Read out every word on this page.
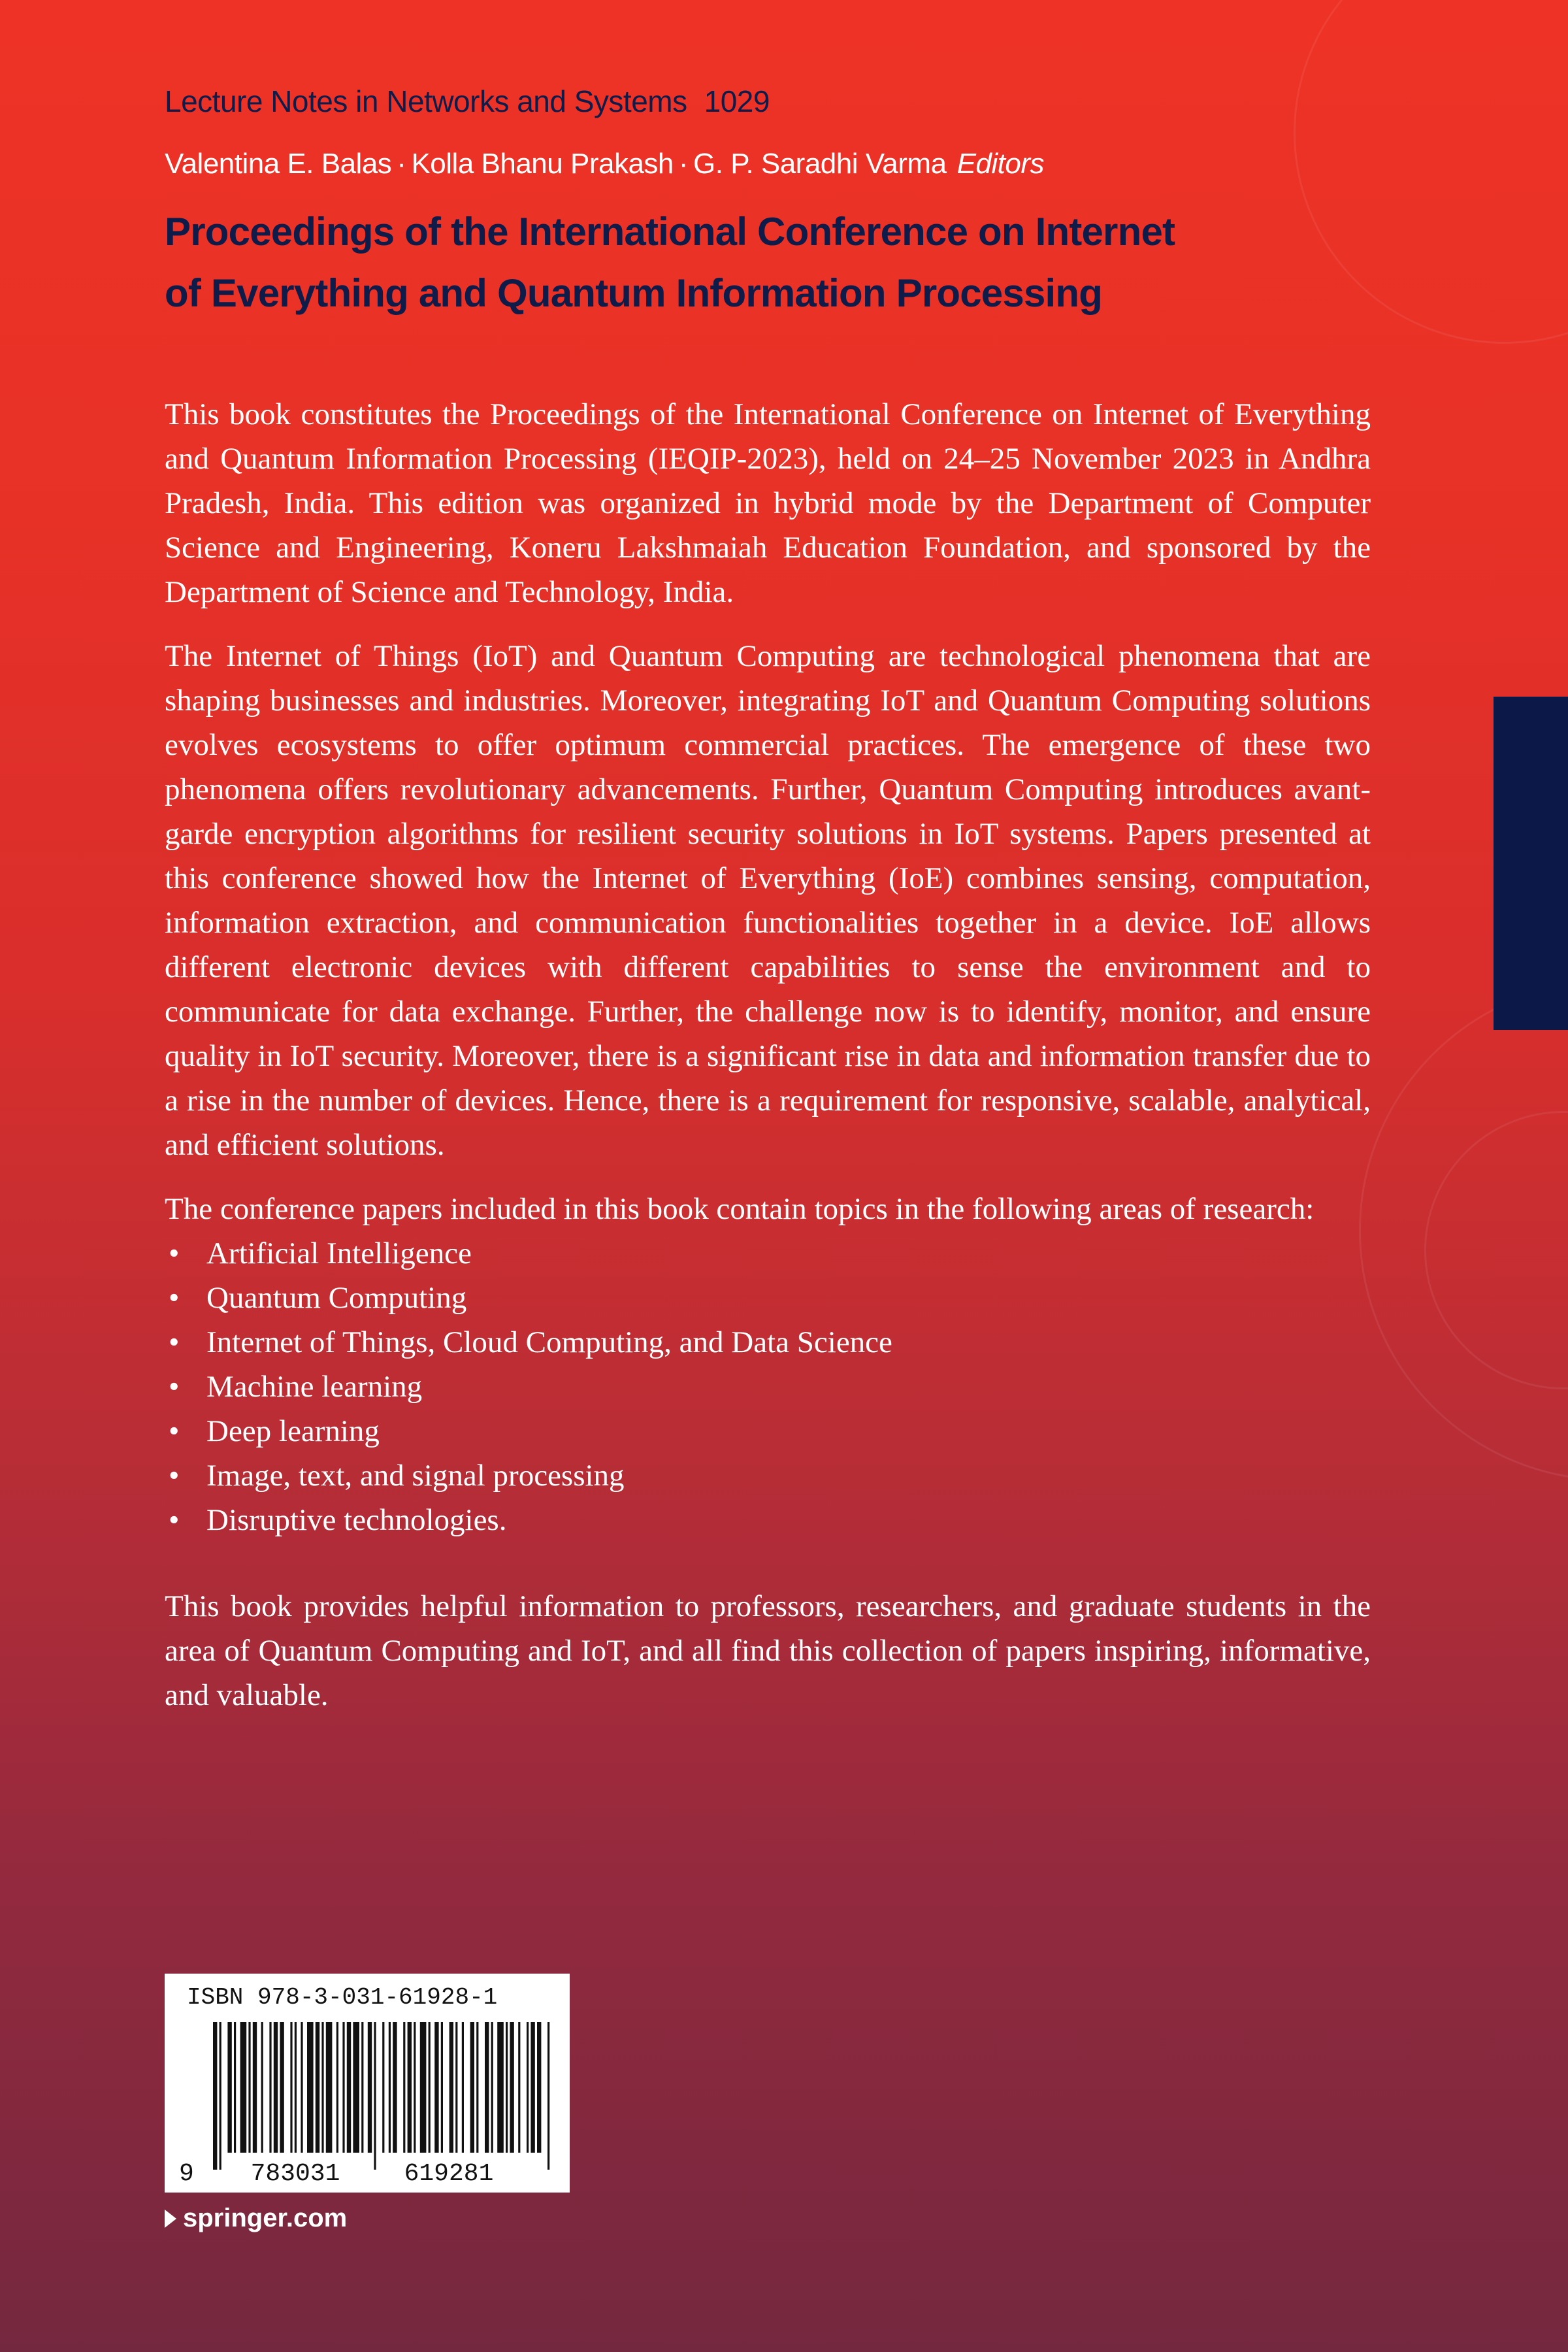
Lecture Notes in Networks and Systems 1029
Valentina E. Balas · Kolla Bhanu Prakash · G. P. Saradhi Varma Editors
Proceedings of the International Conference on Internet
of Everything and Quantum Information Processing

This book constitutes the Proceedings of the International Conference on Internet of Everything and Quantum Information Processing (IEQIP-2023), held on 24–25 November 2023 in Andhra Pradesh, India. This edition was organized in hybrid mode by the Department of Computer Science and Engineering, Koneru Lakshmaiah Education Foundation, and sponsored by the Department of Science and Technology, India.

The Internet of Things (IoT) and Quantum Computing are technological phenomena that are shaping businesses and industries. Moreover, integrating IoT and Quantum Computing solutions evolves ecosystems to offer optimum commercial practices. The emergence of these two phenomena offers revolutionary advancements. Further, Quantum Computing introduces avant-garde encryption algorithms for resilient security solutions in IoT systems. Papers presented at this conference showed how the Internet of Everything (IoE) combines sensing, computation, information extraction, and communication functionalities together in a device. IoE allows different electronic devices with different capabilities to sense the environment and to communicate for data exchange. Further, the challenge now is to identify, monitor, and ensure quality in IoT security. Moreover, there is a significant rise in data and information transfer due to a rise in the number of devices. Hence, there is a requirement for responsive, scalable, analytical, and efficient solutions.

The conference papers included in this book contain topics in the following areas of research:

• Artificial Intelligence
• Quantum Computing
• Internet of Things, Cloud Computing, and Data Science
• Machine learning
• Deep learning
• Image, text, and signal processing
• Disruptive technologies.

This book provides helpful information to professors, researchers, and graduate students in the area of Quantum Computing and IoT, and all find this collection of papers inspiring, informative, and valuable.

ISBN 978-3-031-61928-1
9 783031	619281
springer.com
